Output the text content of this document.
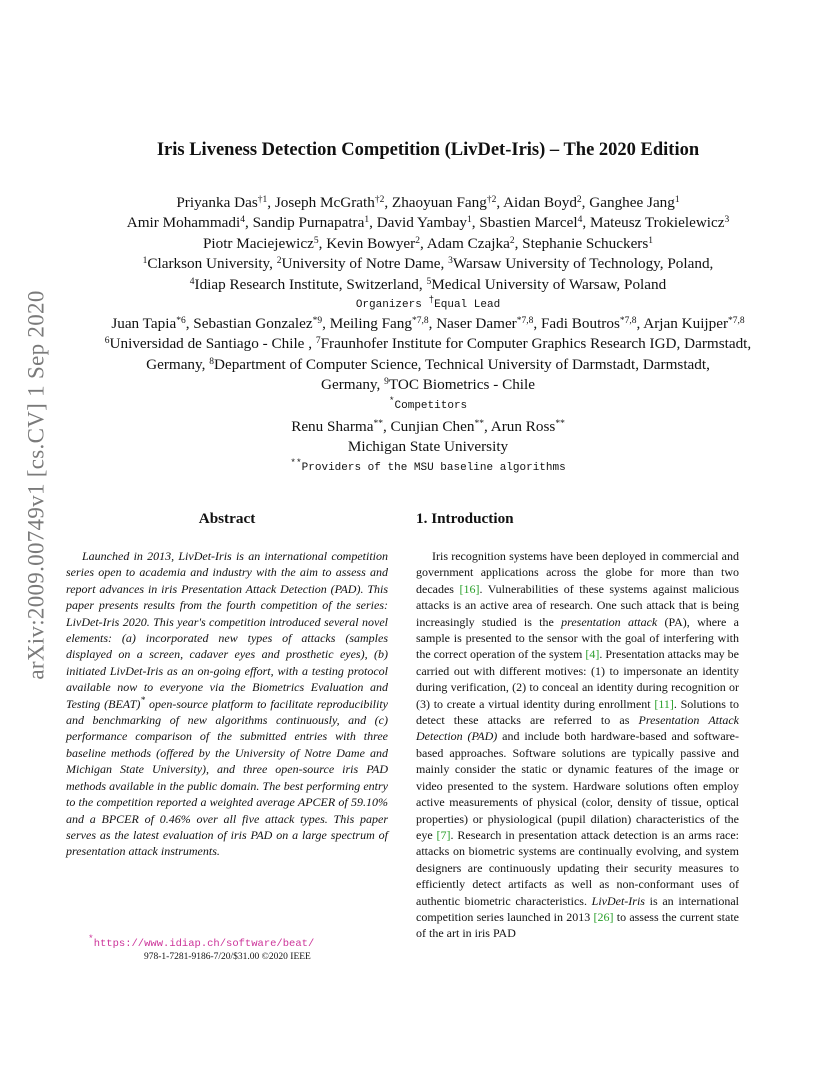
arXiv:2009.00749v1 [cs.CV] 1 Sep 2020
Iris Liveness Detection Competition (LivDet-Iris) – The 2020 Edition
Priyanka Das$^{\dagger 1}$, Joseph McGrath$^{\dagger 2}$, Zhaoyuan Fang$^{\dagger 2}$, Aidan Boyd$^2$, Ganghee Jang$^1$
Amir Mohammadi$^4$, Sandip Purnapatra$^1$, David Yambay$^1$, Sbastien Marcel$^4$, Mateusz Trokielewicz$^3$
Piotr Maciejewicz$^5$, Kevin Bowyer$^2$, Adam Czajka$^2$, Stephanie Schuckers$^1$
$^1$Clarkson University, $^2$University of Notre Dame, $^3$Warsaw University of Technology, Poland,
$^4$Idiap Research Institute, Switzerland, $^5$Medical University of Warsaw, Poland
Organizers †Equal Lead
Juan Tapia$^{*6}$, Sebastian Gonzalez$^{*9}$, Meiling Fang$^{*7,8}$, Naser Damer$^{*7,8}$, Fadi Boutros$^{*7,8}$, Arjan Kuijper$^{*7,8}$
$^6$Universidad de Santiago - Chile , $^7$Fraunhofer Institute for Computer Graphics Research IGD, Darmstadt,
Germany, $^8$Department of Computer Science, Technical University of Darmstadt, Darmstadt,
Germany, $^9$TOC Biometrics - Chile
*Competitors
Renu Sharma**, Cunjian Chen**, Arun Ross**
Michigan State University
**Providers of the MSU baseline algorithms
Abstract

Launched in 2013, LivDet-Iris is an international competition series open to academia and industry with the aim to assess and report advances in iris Presentation Attack Detection (PAD). This paper presents results from the fourth competition of the series: LivDet-Iris 2020. This year's competition introduced several novel elements: (a) incorporated new types of attacks (samples displayed on a screen, cadaver eyes and prosthetic eyes), (b) initiated LivDet-Iris as an on-going effort, with a testing protocol available now to everyone via the Biometrics Evaluation and Testing (BEAT)* open-source platform to facilitate reproducibility and benchmarking of new algorithms continuously, and (c) performance comparison of the submitted entries with three baseline methods (offered by the University of Notre Dame and Michigan State University), and three open-source iris PAD methods available in the public domain. The best performing entry to the competition reported a weighted average APCER of 59.10% and a BPCER of 0.46% over all five attack types. This paper serves as the latest evaluation of iris PAD on a large spectrum of presentation attack instruments.

1. Introduction

Iris recognition systems have been deployed in commercial and government applications across the globe for more than two decades [16]. Vulnerabilities of these systems against malicious attacks is an active area of research. One such attack that is being increasingly studied is the presentation attack (PA), where a sample is presented to the sensor with the goal of interfering with the correct operation of the system [4]. Presentation attacks may be carried out with different motives: (1) to impersonate an identity during verification, (2) to conceal an identity during recognition or (3) to create a virtual identity during enrollment [11]. Solutions to detect these attacks are referred to as Presentation Attack Detection (PAD) and include both hardware-based and software-based approaches. Software solutions are typically passive and mainly consider the static or dynamic features of the image or video presented to the system. Hardware solutions often employ active measurements of physical (color, density of tissue, optical properties) or physiological (pupil dilation) characteristics of the eye [7]. Research in presentation attack detection is an arms race: attacks on biometric systems are continually evolving, and system designers are continuously updating their security measures to efficiently detect artifacts as well as non-conformant uses of authentic biometric characteristics. LivDet-Iris is an international competition series launched in 2013 [26] to assess the current state of the art in iris PAD

*https://www.idiap.ch/software/beat/
978-1-7281-9186-7/20/$31.00 ©2020 IEEE
